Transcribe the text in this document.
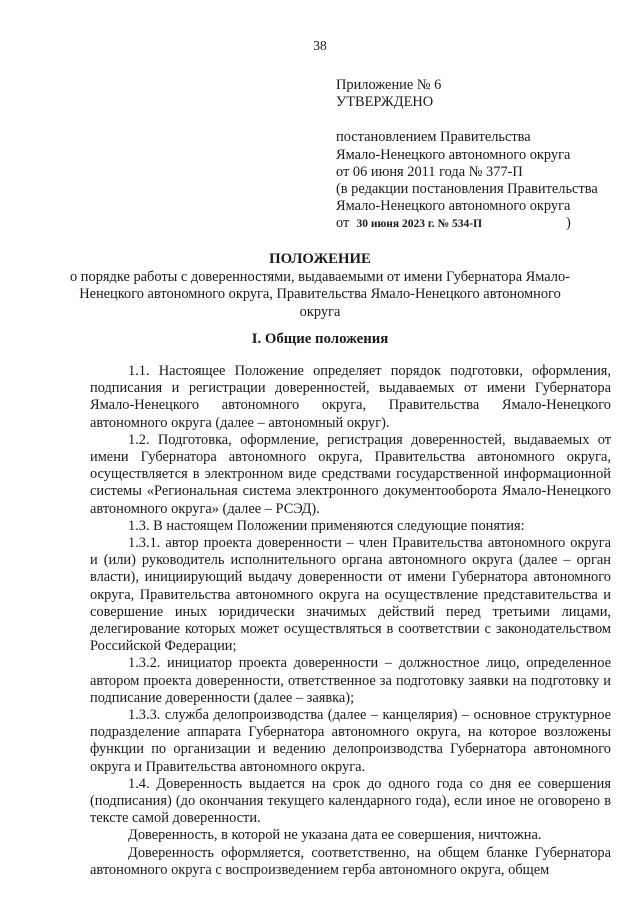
38
Приложение № 6
УТВЕРЖДЕНО
постановлением Правительства
Ямало-Ненецкого автономного округа
от 06 июня 2011 года № 377-П
(в редакции постановления Правительства
Ямало-Ненецкого автономного округа
от 30 июня 2023 г. № 534-П	)
ПОЛОЖЕНИЕ
о порядке работы с доверенностями, выдаваемыми от имени Губернатора Ямало-Ненецкого автономного округа, Правительства Ямало-Ненецкого автономного округа
I. Общие положения

1.1. Настоящее Положение определяет порядок подготовки, оформления, подписания и регистрации доверенностей, выдаваемых от имени Губернатора Ямало-Ненецкого автономного округа, Правительства Ямало-Ненецкого автономного округа (далее – автономный округ).

1.2. Подготовка, оформление, регистрация доверенностей, выдаваемых от имени Губернатора автономного округа, Правительства автономного округа, осуществляется в электронном виде средствами государственной информационной системы «Региональная система электронного документооборота Ямало-Ненецкого автономного округа» (далее – РСЭД).

1.3. В настоящем Положении применяются следующие понятия:

1.3.1. автор проекта доверенности – член Правительства автономного округа и (или) руководитель исполнительного органа автономного округа (далее – орган власти), инициирующий выдачу доверенности от имени Губернатора автономного округа, Правительства автономного округа на осуществление представительства и совершение иных юридически значимых действий перед третьими лицами, делегирование которых может осуществляться в соответствии с законодательством Российской Федерации;

1.3.2. инициатор проекта доверенности – должностное лицо, определенное автором проекта доверенности, ответственное за подготовку заявки на подготовку и подписание доверенности (далее – заявка);

1.3.3. служба делопроизводства (далее – канцелярия) – основное структурное подразделение аппарата Губернатора автономного округа, на которое возложены функции по организации и ведению делопроизводства Губернатора автономного округа и Правительства автономного округа.

1.4. Доверенность выдается на срок до одного года со дня ее совершения (подписания) (до окончания текущего календарного года), если иное не оговорено в тексте самой доверенности.

Доверенность, в которой не указана дата ее совершения, ничтожна.

Доверенность оформляется, соответственно, на общем бланке Губернатора автономного округа с воспроизведением герба автономного округа, общем
